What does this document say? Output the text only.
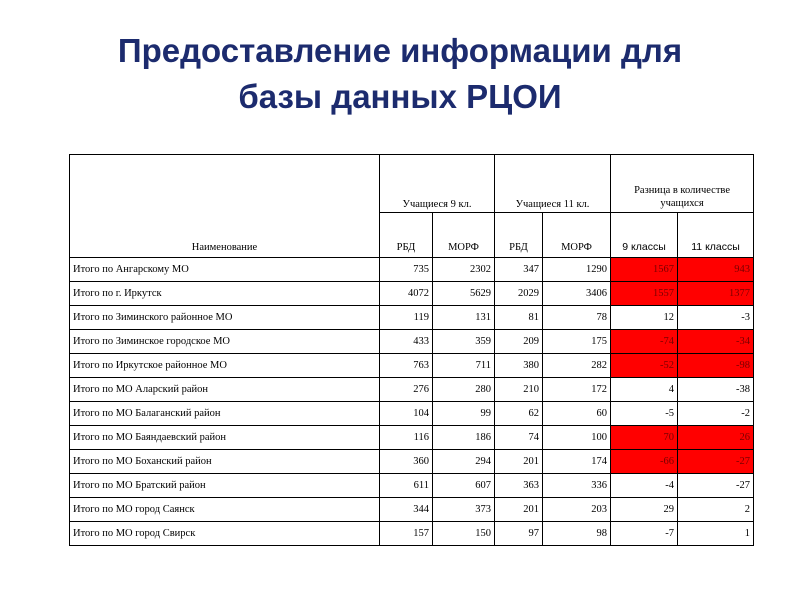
Предоставление информации для
базы данных РЦОИ
Наименование	Учащиеся 9 кл.		Учащиеся 11 кл.		Разница в количестве учащихся	
	РБД	МОРФ	РБД	МОРФ	9 классы	11 классы
Итого по Ангарскому МО	735	2302	347	1290	1567	943
Итого по г. Иркутск	4072	5629	2029	3406	1557	1377
Итого по Зиминского районное МО	119	131	81	78	12	-3
Итого по Зиминское городское МО	433	359	209	175	-74	-34
Итого по Иркутское районное МО	763	711	380	282	-52	-98
Итого по МО Аларский район	276	280	210	172	4	-38
Итого по МО Балаганский район	104	99	62	60	-5	-2
Итого по МО Баяндаевский район	116	186	74	100	70	26
Итого по МО Боханский район	360	294	201	174	-66	-27
Итого по МО Братский район	611	607	363	336	-4	-27
Итого по МО город Саянск	344	373	201	203	29	2
Итого по МО город Свирск	157	150	97	98	-7	1
